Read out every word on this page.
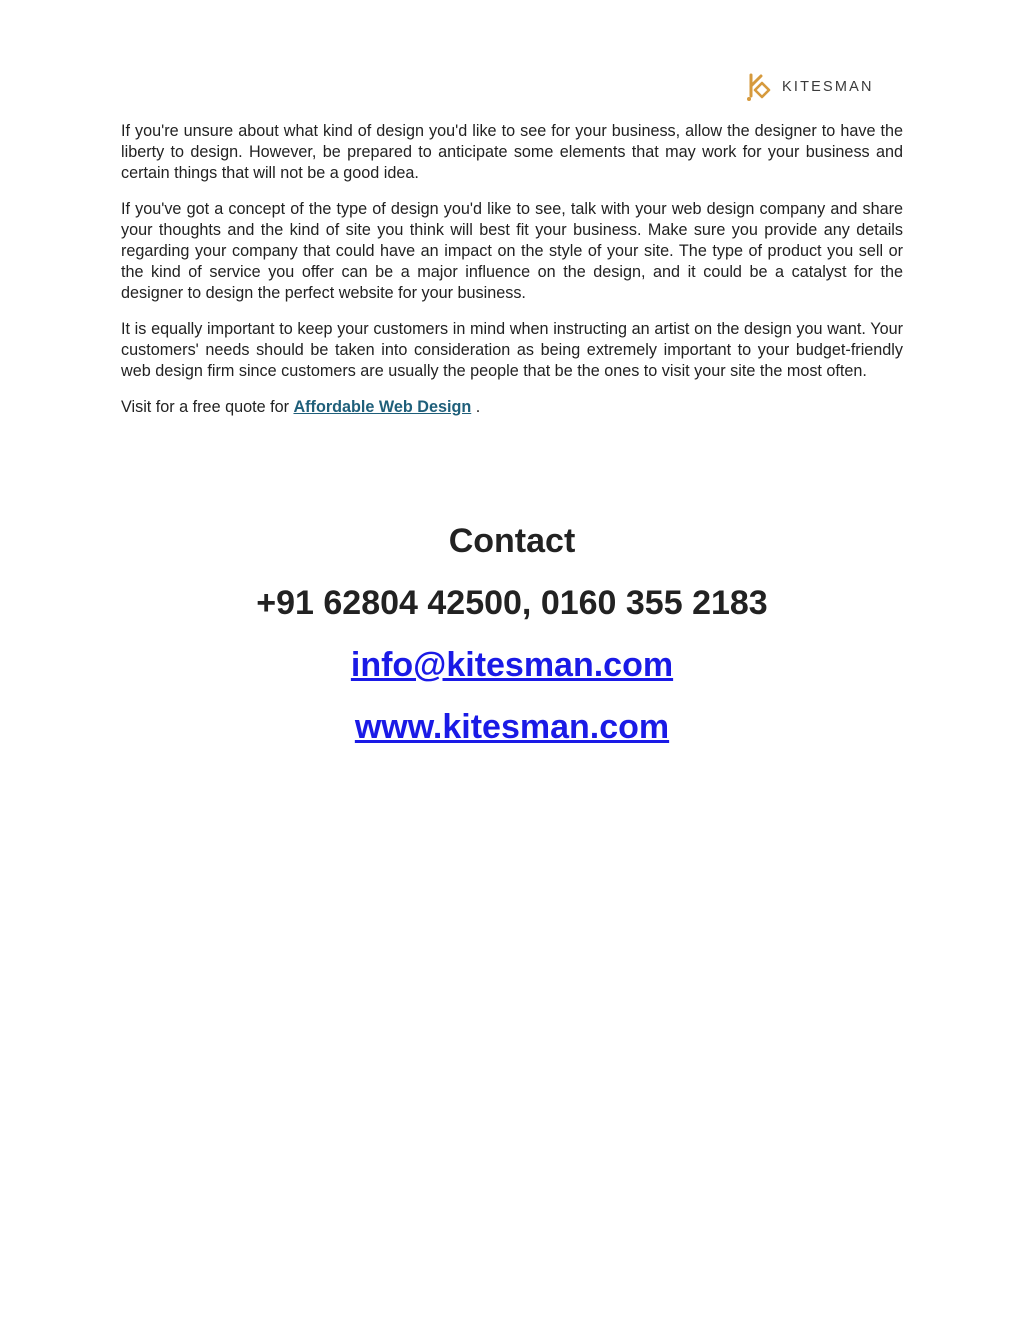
KITESMAN

If you're unsure about what kind of design you'd like to see for your business, allow the designer to have the liberty to design. However, be prepared to anticipate some elements that may work for your business and certain things that will not be a good idea.

If you've got a concept of the type of design you'd like to see, talk with your web design company and share your thoughts and the kind of site you think will best fit your business. Make sure you provide any details regarding your company that could have an impact on the style of your site. The type of product you sell or the kind of service you offer can be a major influence on the design, and it could be a catalyst for the designer to design the perfect website for your business.

It is equally important to keep your customers in mind when instructing an artist on the design you want. Your customers' needs should be taken into consideration as being extremely important to your budget-friendly web design firm since customers are usually the people that be the ones to visit your site the most often.

Visit for a free quote for Affordable Web Design .

Contact
+91 62804 42500, 0160 355 2183
info@kitesman.com
www.kitesman.com
